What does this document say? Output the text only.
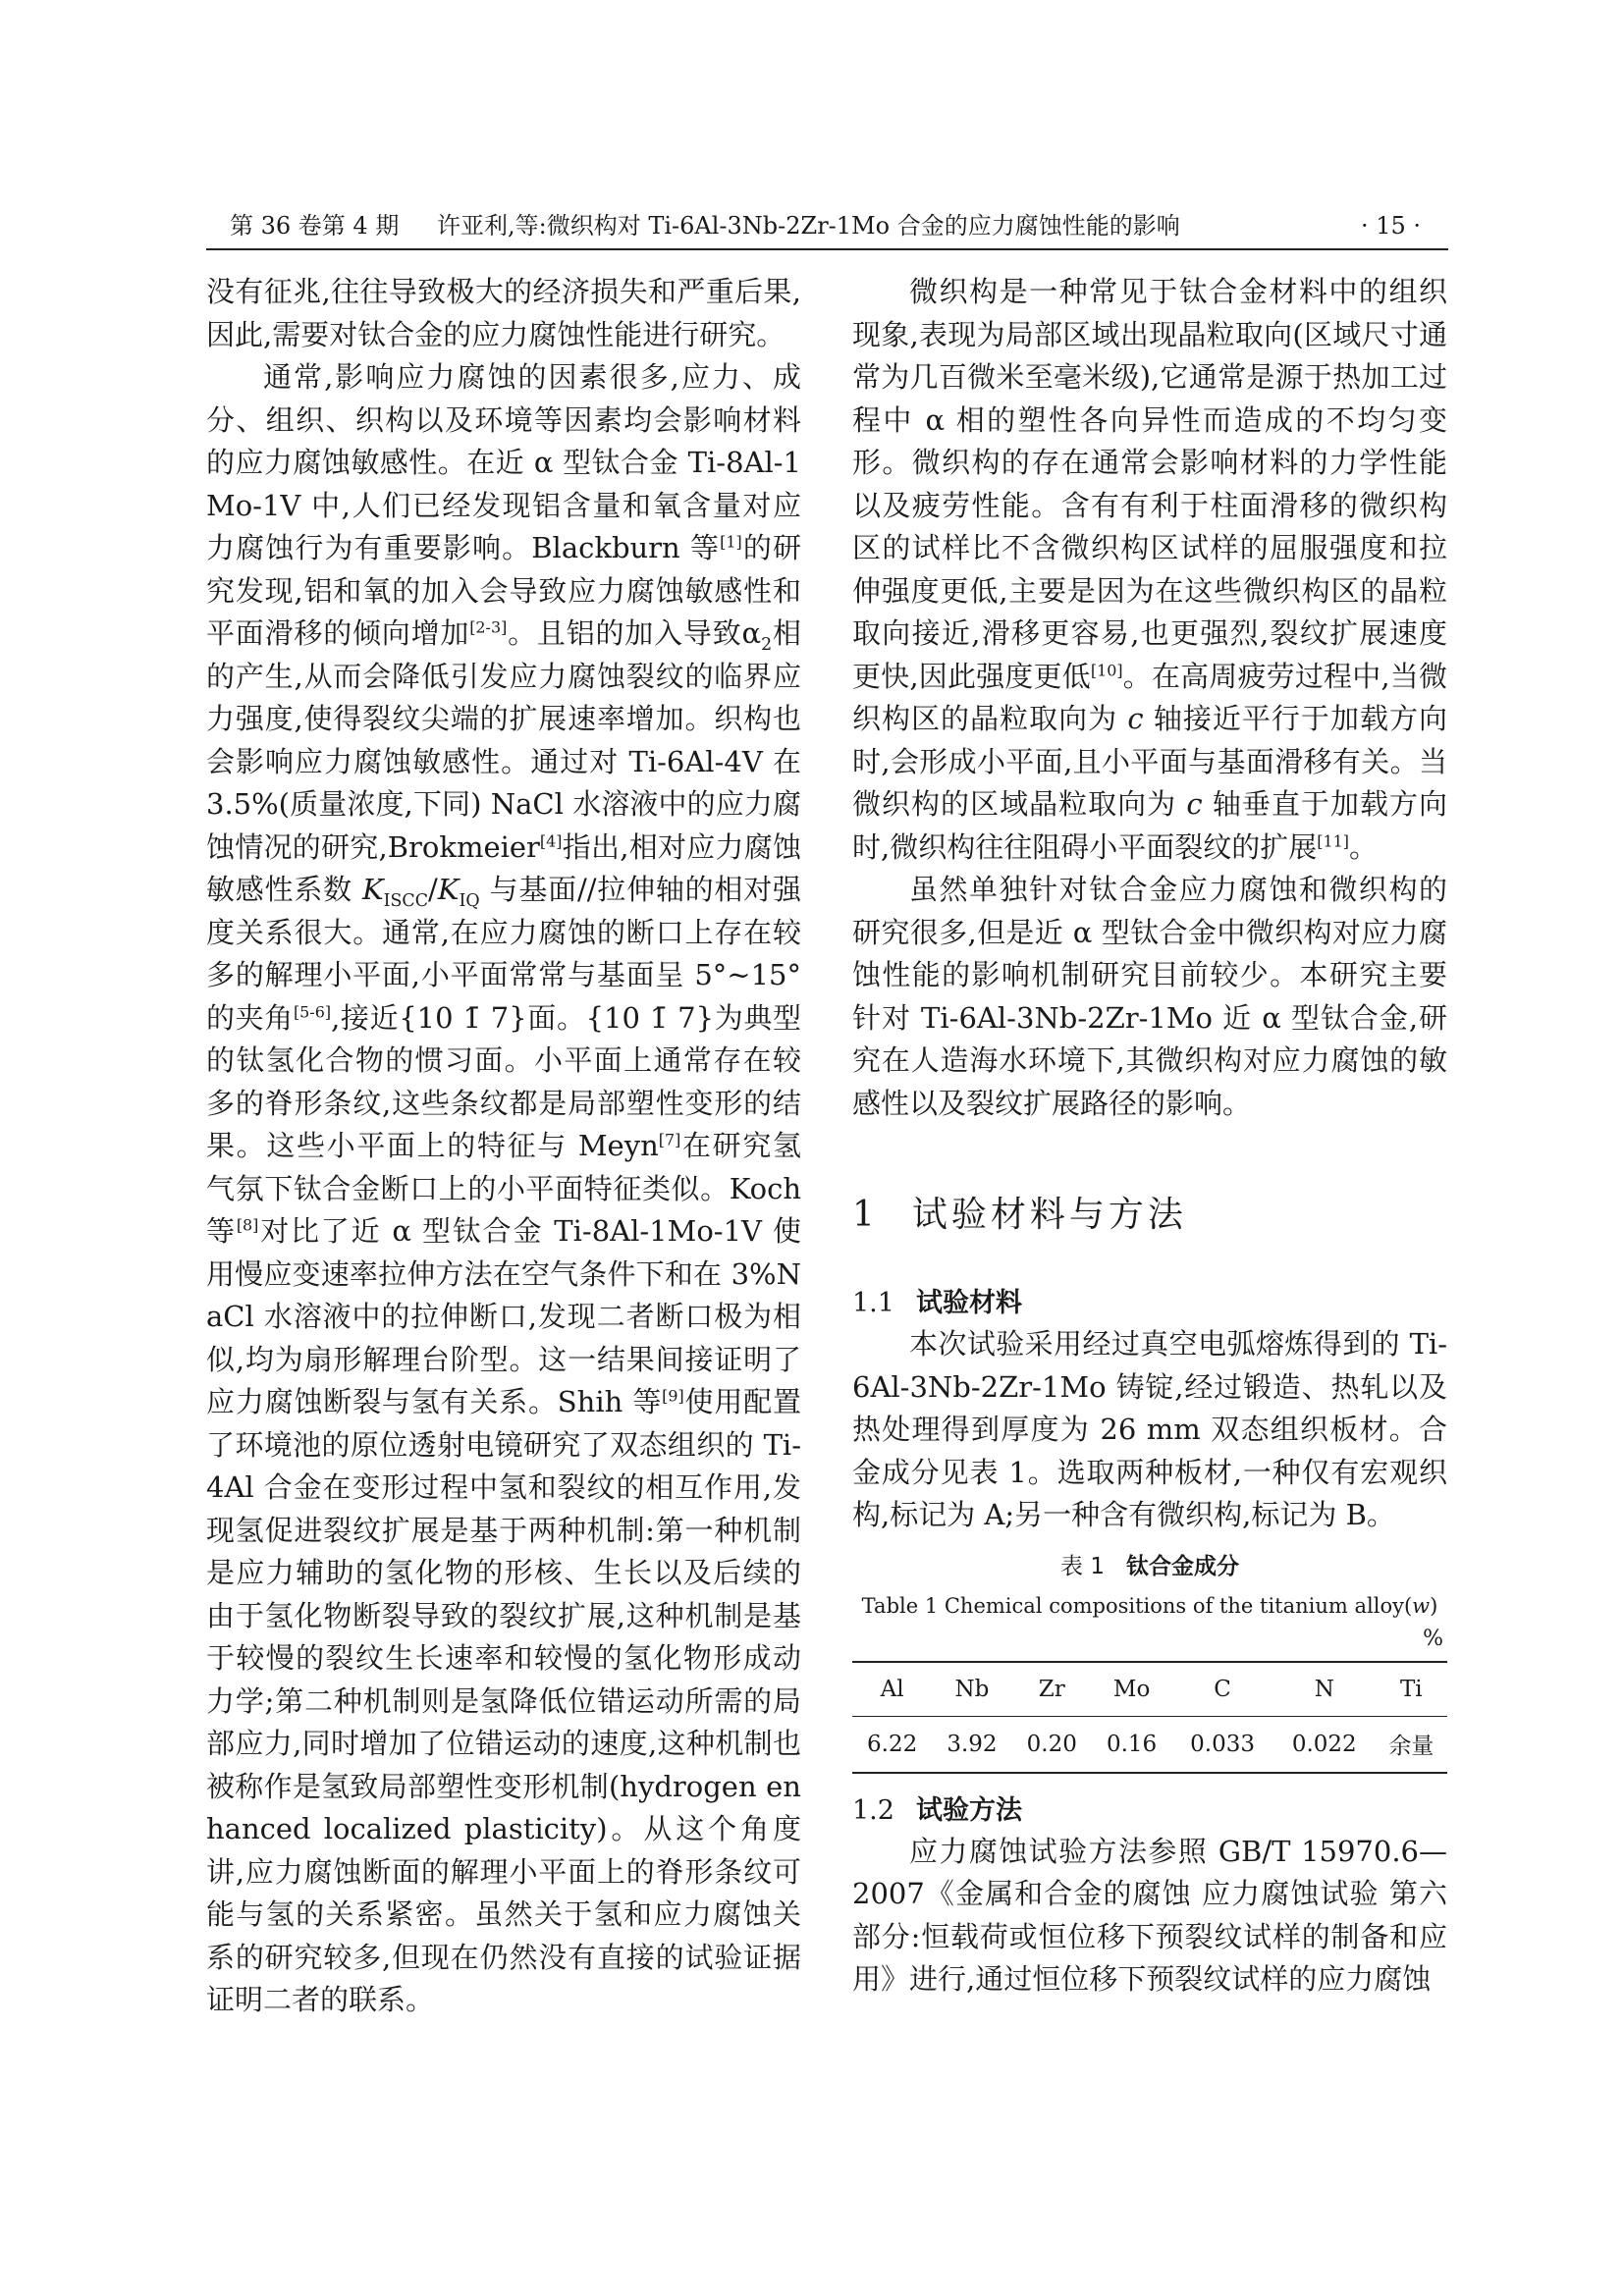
第 36 卷第 4 期 许亚利,等:微织构对 Ti-6Al-3Nb-2Zr-1Mo 合金的应力腐蚀性能的影响	· 15 ·

没有征兆,往往导致极大的经济损失和严重后果,因此,需要对钛合金的应力腐蚀性能进行研究。

通常,影响应力腐蚀的因素很多,应力、成分、组织、织构以及环境等因素均会影响材料的应力腐蚀敏感性。在近 α 型钛合金 Ti-8Al-1Mo-1V 中,人们已经发现铝含量和氧含量对应力腐蚀行为有重要影响。Blackburn 等[1]的研究发现,铝和氧的加入会导致应力腐蚀敏感性和平面滑移的倾向增加[2-3]。且铝的加入导致$\alpha_2$相的产生,从而会降低引发应力腐蚀裂纹的临界应力强度,使得裂纹尖端的扩展速率增加。织构也会影响应力腐蚀敏感性。通过对 Ti-6Al-4V 在 3.5%(质量浓度,下同) NaCl 水溶液中的应力腐蚀情况的研究,Brokmeier[4]指出,相对应力腐蚀敏感性系数 $K_{ISCC}/K_{IQ}$ 与基面//拉伸轴的相对强度关系很大。通常,在应力腐蚀的断口上存在较多的解理小平面,小平面常常与基面呈 5°~15° 的夹角[5-6],接近{10 1̄ 7}面。{10 1̄ 7}为典型的钛氢化合物的惯习面。小平面上通常存在较多的脊形条纹,这些条纹都是局部塑性变形的结果。这些小平面上的特征与 Meyn[7]在研究氢气氛下钛合金断口上的小平面特征类似。Koch 等[8]对比了近 α 型钛合金 Ti-8Al-1Mo-1V 使用慢应变速率拉伸方法在空气条件下和在 3%NaCl 水溶液中的拉伸断口,发现二者断口极为相似,均为扇形解理台阶型。这一结果间接证明了应力腐蚀断裂与氢有关系。Shih 等[9]使用配置了环境池的原位透射电镜研究了双态组织的 Ti-4Al 合金在变形过程中氢和裂纹的相互作用,发现氢促进裂纹扩展是基于两种机制:第一种机制是应力辅助的氢化物的形核、生长以及后续的由于氢化物断裂导致的裂纹扩展,这种机制是基于较慢的裂纹生长速率和较慢的氢化物形成动力学;第二种机制则是氢降低位错运动所需的局部应力,同时增加了位错运动的速度,这种机制也被称作是氢致局部塑性变形机制(hydrogen enhanced localized plasticity)。从这个角度讲,应力腐蚀断面的解理小平面上的脊形条纹可能与氢的关系紧密。虽然关于氢和应力腐蚀关系的研究较多,但现在仍然没有直接的试验证据证明二者的联系。

微织构是一种常见于钛合金材料中的组织现象,表现为局部区域出现晶粒取向(区域尺寸通常为几百微米至毫米级),它通常是源于热加工过程中 α 相的塑性各向异性而造成的不均匀变形。微织构的存在通常会影响材料的力学性能以及疲劳性能。含有有利于柱面滑移的微织构区的试样比不含微织构区试样的屈服强度和拉伸强度更低,主要是因为在这些微织构区的晶粒取向接近,滑移更容易,也更强烈,裂纹扩展速度更快,因此强度更低[10]。在高周疲劳过程中,当微织构区的晶粒取向为 c 轴接近平行于加载方向时,会形成小平面,且小平面与基面滑移有关。当微织构的区域晶粒取向为 c 轴垂直于加载方向时,微织构往往阻碍小平面裂纹的扩展[11]。

虽然单独针对钛合金应力腐蚀和微织构的研究很多,但是近 α 型钛合金中微织构对应力腐蚀性能的影响机制研究目前较少。本研究主要针对 Ti-6Al-3Nb-2Zr-1Mo 近 α 型钛合金,研究在人造海水环境下,其微织构对应力腐蚀的敏感性以及裂纹扩展路径的影响。

1 试验材料与方法
1.1 试验材料

本次试验采用经过真空电弧熔炼得到的 Ti-6Al-3Nb-2Zr-1Mo 铸锭,经过锻造、热轧以及热处理得到厚度为 26 mm 双态组织板材。合金成分见表 1。选取两种板材,一种仅有宏观织构,标记为 A;另一种含有微织构,标记为 B。

表 1 钛合金成分
Table 1 Chemical compositions of the titanium alloy(w)
%
Al	Nb	Zr	Mo	C	N	Ti
6.22	3.92	0.20	0.16	0.033	0.022	余量
1.2 试验方法

应力腐蚀试验方法参照 GB/T 15970.6—2007《金属和合金的腐蚀 应力腐蚀试验 第六部分:恒载荷或恒位移下预裂纹试样的制备和应用》进行,通过恒位移下预裂纹试样的应力腐蚀
